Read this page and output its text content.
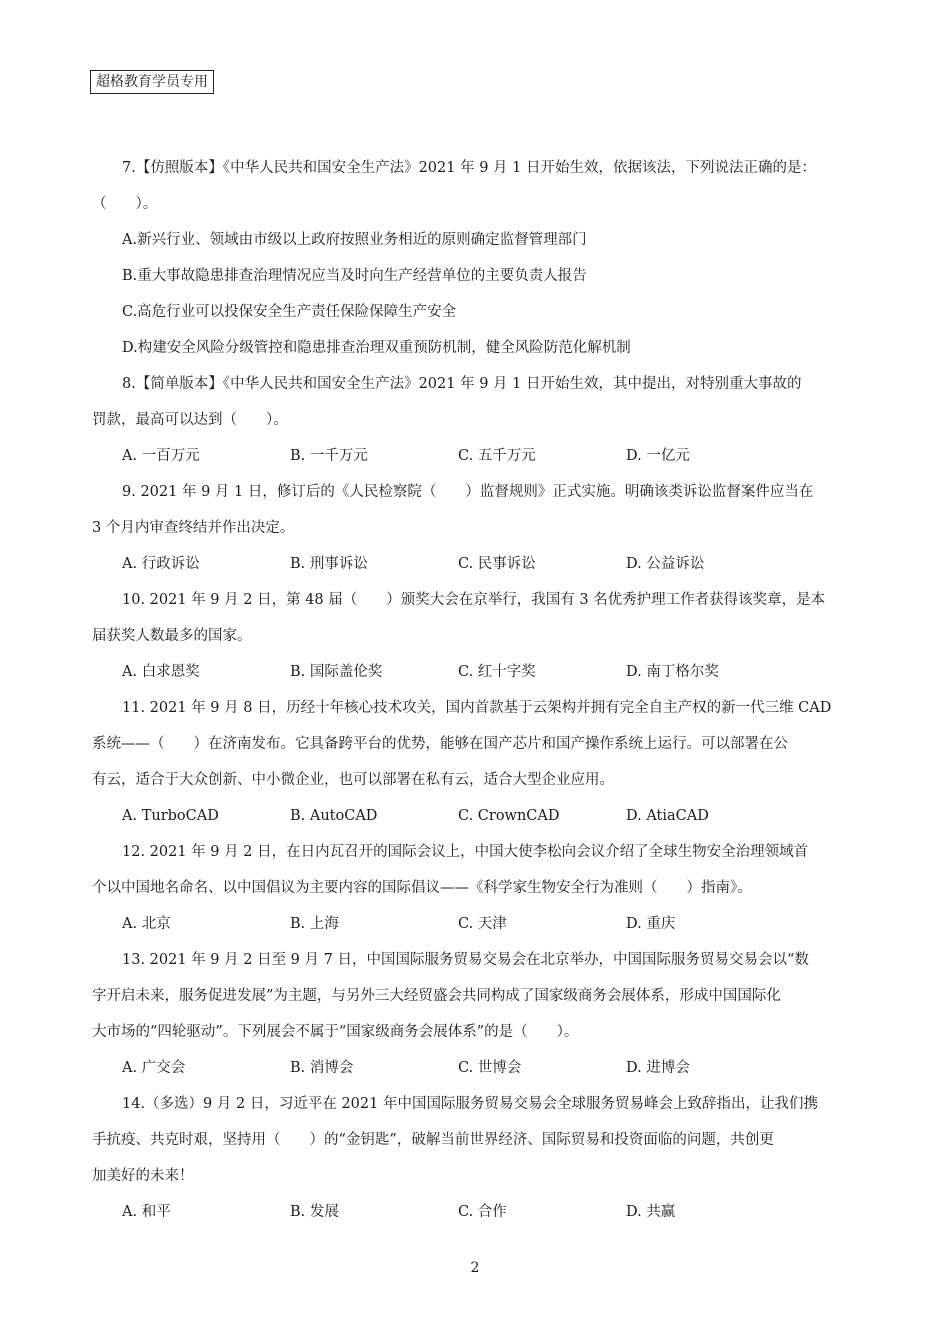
超格教育学员专用
7.【仿照版本】《中华人民共和国安全生产法》2021 年 9 月 1 日开始生效，依据该法，下列说法正确的是：
（　　）。
A.新兴行业、领域由市级以上政府按照业务相近的原则确定监督管理部门
B.重大事故隐患排查治理情况应当及时向生产经营单位的主要负责人报告
C.高危行业可以投保安全生产责任保险保障生产安全
D.构建安全风险分级管控和隐患排查治理双重预防机制，健全风险防范化解机制
8.【简单版本】《中华人民共和国安全生产法》2021 年 9 月 1 日开始生效，其中提出，对特别重大事故的
罚款，最高可以达到（　　）。
A. 一百万元	B. 一千万元	C. 五千万元	D. 一亿元
9. 2021 年 9 月 1 日，修订后的《人民检察院（　　）监督规则》正式实施。明确该类诉讼监督案件应当在
3 个月内审查终结并作出决定。
A. 行政诉讼	B. 刑事诉讼	C. 民事诉讼	D. 公益诉讼
10. 2021 年 9 月 2 日，第 48 届（　　）颁奖大会在京举行，我国有 3 名优秀护理工作者获得该奖章，是本
届获奖人数最多的国家。
A. 白求恩奖	B. 国际盖伦奖	C. 红十字奖	D. 南丁格尔奖
11. 2021 年 9 月 8 日，历经十年核心技术攻关，国内首款基于云架构并拥有完全自主产权的新一代三维 CAD
系统——（　　）在济南发布。它具备跨平台的优势，能够在国产芯片和国产操作系统上运行。可以部署在公
有云，适合于大众创新、中小微企业，也可以部署在私有云，适合大型企业应用。
A. TurboCAD	B. AutoCAD	C. CrownCAD	D. AtiaCAD
12. 2021 年 9 月 2 日，在日内瓦召开的国际会议上，中国大使李松向会议介绍了全球生物安全治理领域首
个以中国地名命名、以中国倡议为主要内容的国际倡议——《科学家生物安全行为准则（　　）指南》。
A. 北京	B. 上海	C. 天津	D. 重庆
13. 2021 年 9 月 2 日至 9 月 7 日，中国国际服务贸易交易会在北京举办，中国国际服务贸易交易会以“数
字开启未来，服务促进发展”为主题，与另外三大经贸盛会共同构成了国家级商务会展体系，形成中国国际化
大市场的“四轮驱动”。下列展会不属于“国家级商务会展体系”的是（　　）。
A. 广交会	B. 消博会	C. 世博会	D. 进博会
14.（多选）9 月 2 日，习近平在 2021 年中国国际服务贸易交易会全球服务贸易峰会上致辞指出，让我们携
手抗疫、共克时艰，坚持用（　　）的“金钥匙”，破解当前世界经济、国际贸易和投资面临的问题，共创更
加美好的未来！
A. 和平	B. 发展	C. 合作	D. 共赢
2
